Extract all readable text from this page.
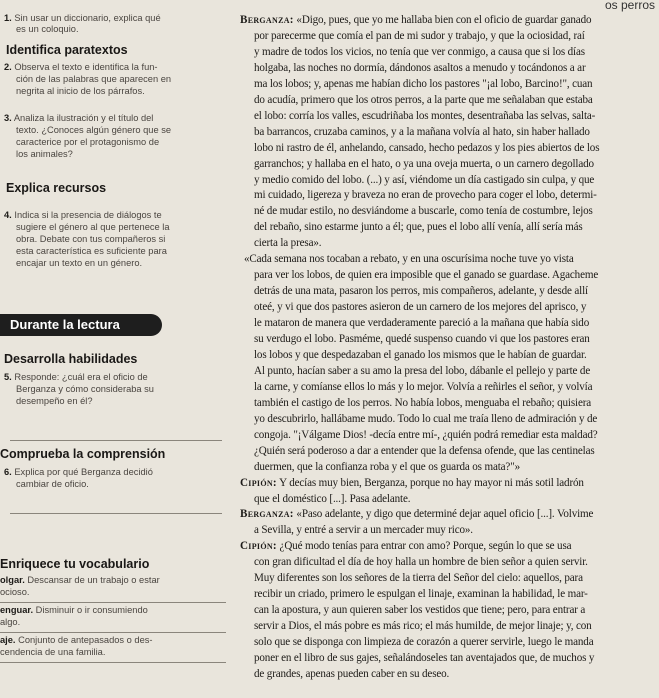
os perros
1. Sin usar un diccionario, explica qué
es un coloquio.
Identifica paratextos
2. Observa el texto e identifica la fun-
ción de las palabras que aparecen en
negrita al inicio de los párrafos.
3. Analiza la ilustración y el título del
texto. ¿Conoces algún género que se
caracterice por el protagonismo de
los animales?
Explica recursos
4. Indica si la presencia de diálogos te
sugiere el género al que pertenece la
obra. Debate con tus compañeros si
esta característica es suficiente para
encajar un texto en un género.
Durante la lectura
Desarrolla habilidades
5. Responde: ¿cuál era el oficio de
Berganza y cómo consideraba su
desempeño en él?
Comprueba la comprensión
6. Explica por qué Berganza decidió
cambiar de oficio.
Enriquece tu vocabulario
olgar. Descansar de un trabajo o estar
ocioso.
enguar. Disminuir o ir consumiendo
algo.
aje. Conjunto de antepasados o des-
cendencia de una familia.
Berganza: «Digo, pues, que yo me hallaba bien con el oficio de guardar ganado
por parecerme que comía el pan de mi sudor y trabajo, y que la ociosidad, raí
y madre de todos los vicios, no tenía que ver conmigo, a causa que si los días
holgaba, las noches no dormía, dándonos asaltos a menudo y tocándonos a ar
ma los lobos; y, apenas me habían dicho los pastores "¡al lobo, Barcino!", cuan
do acudía, primero que los otros perros, a la parte que me señalaban que estaba
el lobo: corría los valles, escudriñaba los montes, desentrañaba las selvas, salta-
ba barrancos, cruzaba caminos, y a la mañana volvía al hato, sin haber hallado
lobo ni rastro de él, anhelando, cansado, hecho pedazos y los pies abiertos de los
garranchos; y hallaba en el hato, o ya una oveja muerta, o un carnero degollado
y medio comido del lobo. (...) y así, viéndome un día castigado sin culpa, y que
mi cuidado, ligereza y braveza no eran de provecho para coger el lobo, determi-
né de mudar estilo, no desviándome a buscarle, como tenía de costumbre, lejos
del rebaño, sino estarme junto a él; que, pues el lobo allí venía, allí sería más
cierta la presa».
«Cada semana nos tocaban a rebato, y en una oscurísima noche tuve yo vista
para ver los lobos, de quien era imposible que el ganado se guardase. Agacheme
detrás de una mata, pasaron los perros, mis compañeros, adelante, y desde allí
oteé, y vi que dos pastores asieron de un carnero de los mejores del aprisco, y
le mataron de manera que verdaderamente pareció a la mañana que había sido
su verdugo el lobo. Pasméme, quedé suspenso cuando vi que los pastores eran
los lobos y que despedazaban el ganado los mismos que le habían de guardar.
Al punto, hacían saber a su amo la presa del lobo, dábanle el pellejo y parte de
la carne, y comíanse ellos lo más y lo mejor. Volvía a reñirles el señor, y volvía
también el castigo de los perros. No había lobos, menguaba el rebaño; quisiera
yo descubrirlo, hallábame mudo. Todo lo cual me traía lleno de admiración y de
congoja. "¡Válgame Dios! -decía entre mí-, ¿quién podrá remediar esta maldad?
¿Quién será poderoso a dar a entender que la defensa ofende, que las centinelas
duermen, que la confianza roba y el que os guarda os mata?"»
Cipión: Y decías muy bien, Berganza, porque no hay mayor ni más sotil ladrón
que el doméstico [...]. Pasa adelante.
Berganza: «Paso adelante, y digo que determiné dejar aquel oficio [...]. Volvime
a Sevilla, y entré a servir a un mercader muy rico».
Cipión: ¿Qué modo tenías para entrar con amo? Porque, según lo que se usa
con gran dificultad el día de hoy halla un hombre de bien señor a quien servir.
Muy diferentes son los señores de la tierra del Señor del cielo: aquellos, para
recibir un criado, primero le espulgan el linaje, examinan la habilidad, le mar-
can la apostura, y aun quieren saber los vestidos que tiene; pero, para entrar a
servir a Dios, el más pobre es más rico; el más humilde, de mejor linaje; y, con
solo que se disponga con limpieza de corazón a querer servirle, luego le manda
poner en el libro de sus gajes, señalándoseles tan aventajados que, de muchos y
de grandes, apenas pueden caber en su deseo.
